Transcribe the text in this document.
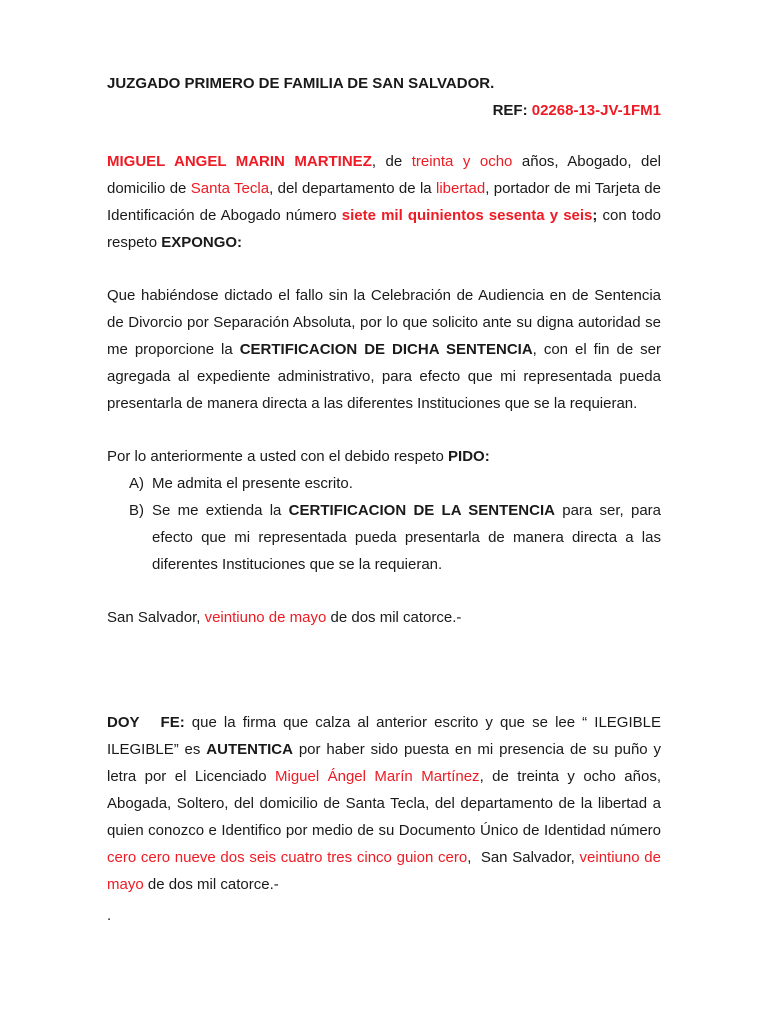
JUZGADO PRIMERO DE FAMILIA DE SAN SALVADOR.
REF: 02268-13-JV-1FM1
MIGUEL ANGEL MARIN MARTINEZ, de treinta y ocho años, Abogado, del domicilio de Santa Tecla, del departamento de la libertad, portador de mi Tarjeta de Identificación de Abogado número siete mil quinientos sesenta y seis; con todo respeto EXPONGO:
Que habiéndose dictado el fallo sin la Celebración de Audiencia en de Sentencia de Divorcio por Separación Absoluta, por lo que solicito ante su digna autoridad se me proporcione la CERTIFICACION DE DICHA SENTENCIA, con el fin de ser agregada al expediente administrativo, para efecto que mi representada pueda presentarla de manera directa a las diferentes Instituciones que se la requieran.
Por lo anteriormente a usted con el debido respeto PIDO:
A) Me admita el presente escrito.
B) Se me extienda la CERTIFICACION DE LA SENTENCIA para ser, para efecto que mi representada pueda presentarla de manera directa a las diferentes Instituciones que se la requieran.
San Salvador, veintiuno de mayo de dos mil catorce.-
DOY   FE: que la firma que calza al anterior escrito y que se lee “ ILEGIBLE ILEGIBLE” es AUTENTICA por haber sido puesta en mi presencia de su puño y letra por el Licenciado Miguel Ángel Marín Martínez, de treinta y ocho años, Abogada, Soltero, del domicilio de Santa Tecla, del departamento de la libertad a quien conozco e Identifico por medio de su Documento Único de Identidad número cero cero nueve dos seis cuatro tres cinco guion cero,  San Salvador, veintiuno de mayo de dos mil catorce.-
.
